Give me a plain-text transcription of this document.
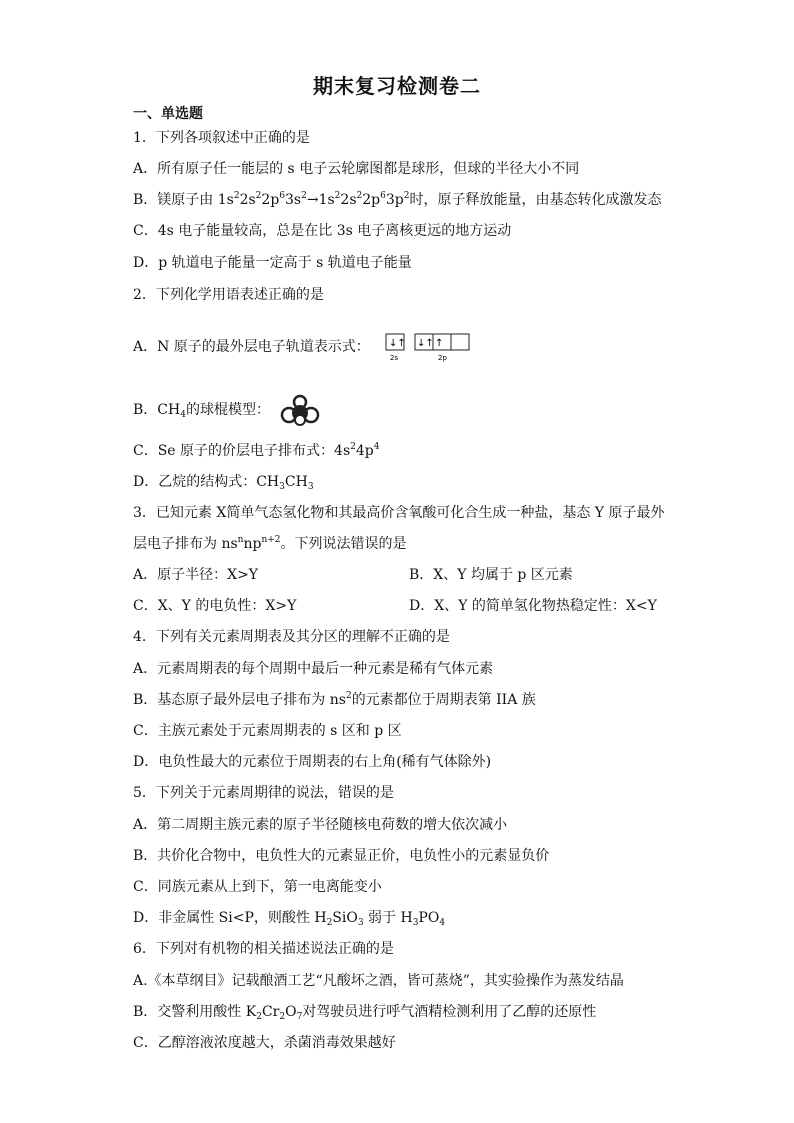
期末复习检测卷二
一、单选题
1．下列各项叙述中正确的是
A．所有原子任一能层的 s 电子云轮廓图都是球形，但球的半径大小不同
B．镁原子由 $1s^22s^22p^63s^2\to 1s^22s^22p^63p^2$时，原子释放能量，由基态转化成激发态
C．4s 电子能量较高，总是在比 3s 电子离核更远的地方运动
D．p 轨道电子能量一定高于 s 轨道电子能量
2．下列化学用语表述正确的是
A．N 原子的最外层电子轨道表示式： ↓↑ ↓↑ ↑
2s	2p
B．$CH_4$的球棍模型：
C．Se 原子的价层电子排布式：$4s^24p^4$
D．乙烷的结构式：$CH_3CH_3$
3．已知元素 X简单气态氢化物和其最高价含氧酸可化合生成一种盐，基态 Y 原子最外
层电子排布为 $ns^nnp^{n+2}$。下列说法错误的是
A．原子半径：X>Y	B．X、Y 均属于 p 区元素
C．X、Y 的电负性：X>Y	D．X、Y 的简单氢化物热稳定性：X<Y
4．下列有关元素周期表及其分区的理解不正确的是
A．元素周期表的每个周期中最后一种元素是稀有气体元素
B．基态原子最外层电子排布为 $ns^2$的元素都位于周期表第 IIA 族
C．主族元素处于元素周期表的 s 区和 p 区
D．电负性最大的元素位于周期表的右上角(稀有气体除外)
5．下列关于元素周期律的说法，错误的是
A．第二周期主族元素的原子半径随核电荷数的增大依次减小
B．共价化合物中，电负性大的元素显正价，电负性小的元素显负价
C．同族元素从上到下，第一电离能变小
D．非金属性 Si<P，则酸性 $H_2SiO_3$ 弱于 $H_3PO_4$
6．下列对有机物的相关描述说法正确的是
A.《本草纲目》记载酿酒工艺“凡酸坏之酒，皆可蒸烧”，其实验操作为蒸发结晶
B．交警利用酸性 $K_2Cr_2O_7$对驾驶员进行呼气酒精检测利用了乙醇的还原性
C．乙醇溶液浓度越大，杀菌消毒效果越好
